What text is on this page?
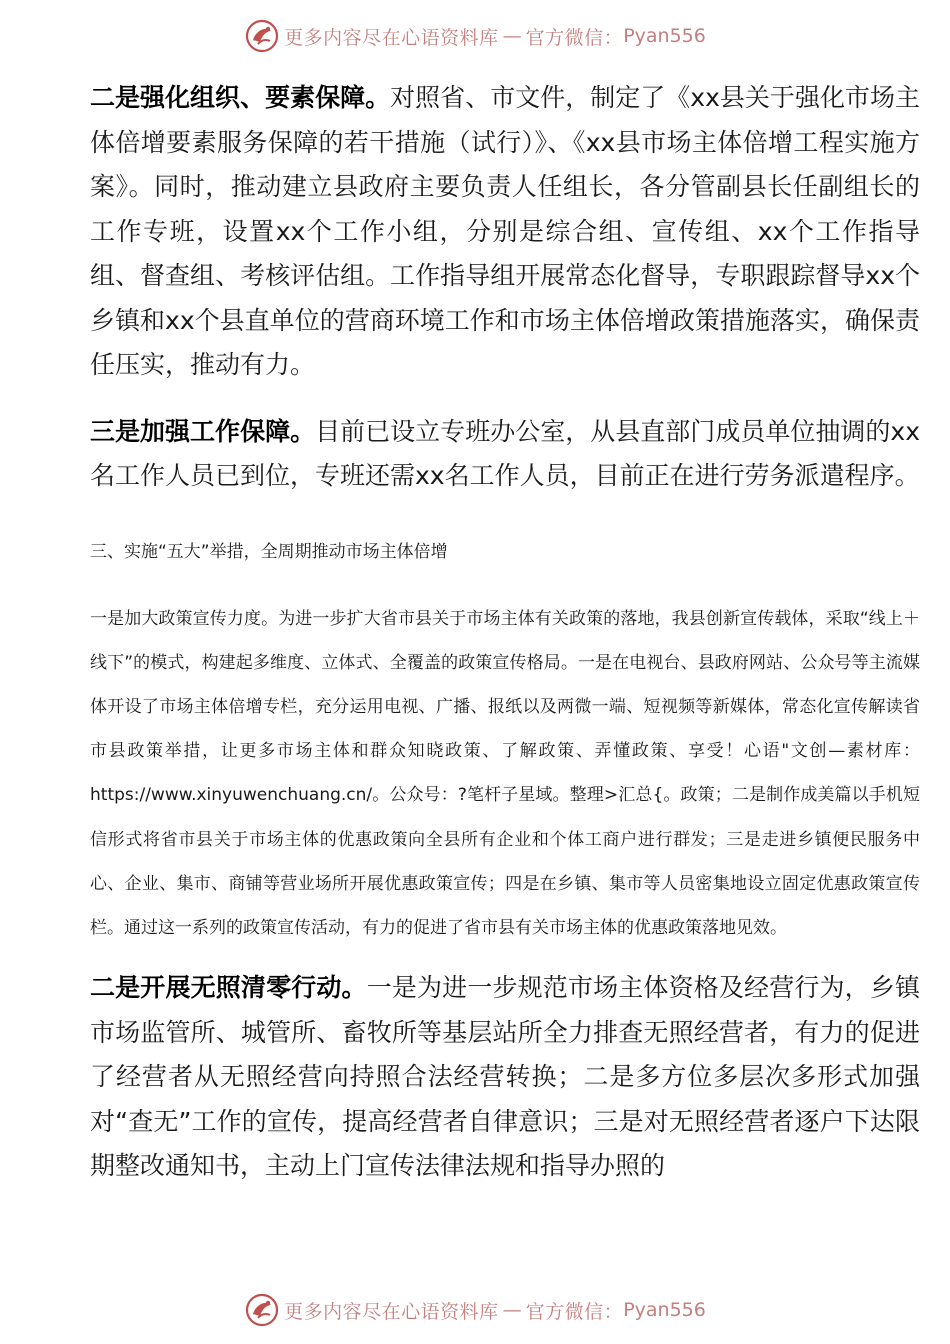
更多内容尽在心语资料库 — 官方微信： Pyan556

二是强化组织、要素保障。对照省、市文件，制定了《xx县关于强化市场主体倍增要素服务保障的若干措施（试行）》、《xx县市场主体倍增工程实施方案》。同时，推动建立县政府主要负责人任组长，各分管副县长任副组长的工作专班，设置xx个工作小组，分别是综合组、宣传组、xx个工作指导组、督查组、考核评估组。工作指导组开展常态化督导，专职跟踪督导xx个乡镇和xx个县直单位的营商环境工作和市场主体倍增政策措施落实，确保责任压实，推动有力。

三是加强工作保障。目前已设立专班办公室，从县直部门成员单位抽调的xx名工作人员已到位，专班还需xx名工作人员，目前正在进行劳务派遣程序。

三、实施“五大”举措，全周期推动市场主体倍增

一是加大政策宣传力度。为进一步扩大省市县关于市场主体有关政策的落地，我县创新宣传载体，采取“线上＋线下”的模式，构建起多维度、立体式、全覆盖的政策宣传格局。一是在电视台、县政府网站、公众号等主流媒体开设了市场主体倍增专栏，充分运用电视、广播、报纸以及两微一端、短视频等新媒体，常态化宣传解读省市县政策举措，让更多市场主体和群众知晓政策、了解政策、弄懂政策、享受！心语"文创—素材库：https://www.xinyuwenchuang.cn/。公众号：?笔杆子星域。整理>汇总{。政策；二是制作成美篇以手机短信形式将省市县关于市场主体的优惠政策向全县所有企业和个体工商户进行群发；三是走进乡镇便民服务中心、企业、集市、商铺等营业场所开展优惠政策宣传；四是在乡镇、集市等人员密集地设立固定优惠政策宣传栏。通过这一系列的政策宣传活动，有力的促进了省市县有关市场主体的优惠政策落地见效。

二是开展无照清零行动。一是为进一步规范市场主体资格及经营行为，乡镇市场监管所、城管所、畜牧所等基层站所全力排查无照经营者，有力的促进了经营者从无照经营向持照合法经营转换；二是多方位多层次多形式加强对“查无”工作的宣传，提高经营者自律意识；三是对无照经营者逐户下达限期整改通知书，主动上门宣传法律法规和指导办照的

更多内容尽在心语资料库 — 官方微信： Pyan556
